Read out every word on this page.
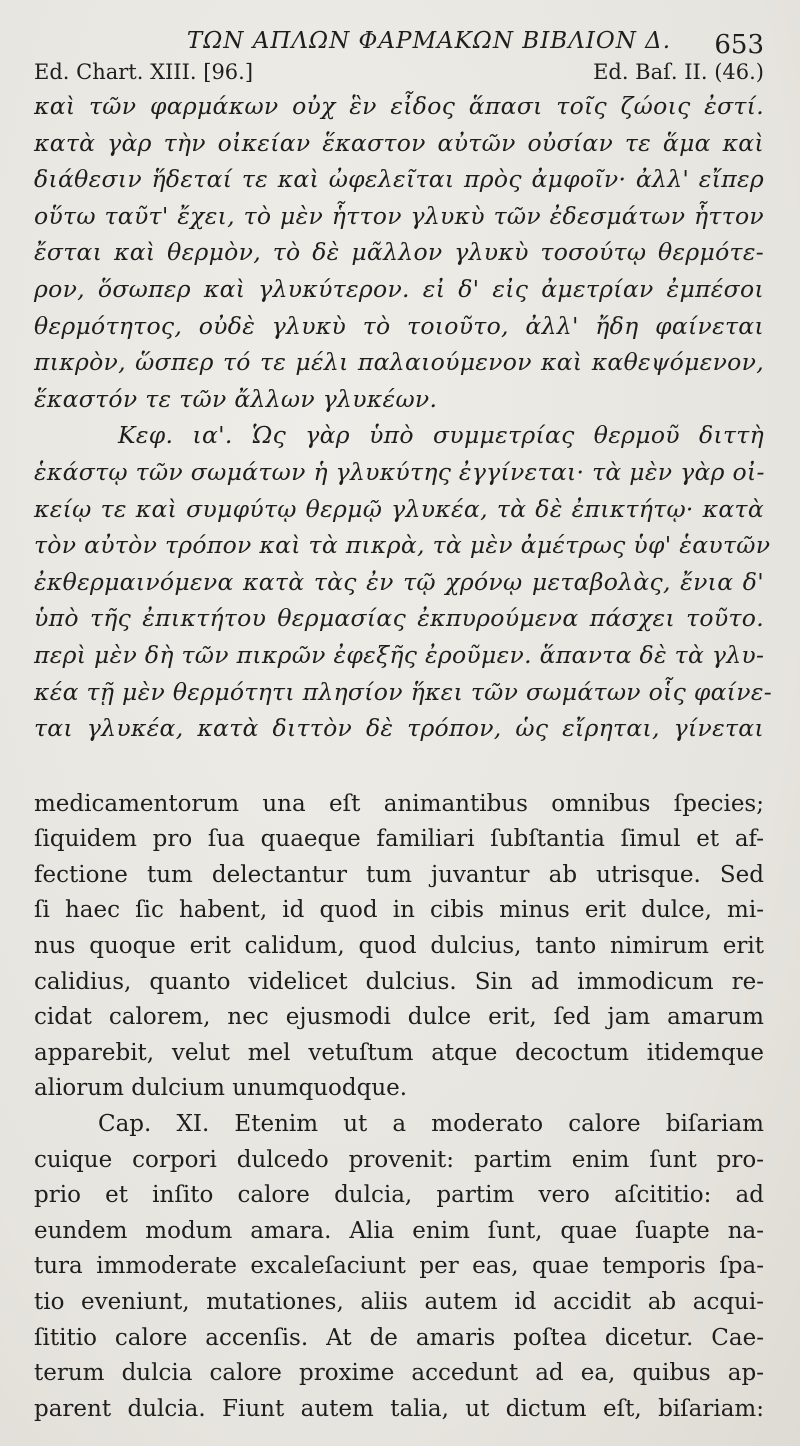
ΤΩΝ ΑΠΛΩΝ ΦΑΡΜΑΚΩΝ ΒΙΒΛΙΟΝ Δ. 653
Ed. Chart. XIII. [96.]	Ed. Baſ. II. (46.)
καὶ τῶν φαρμάκων οὐχ ἓν εἶδος ἅπασι τοῖς ζώοις ἐστί.
κατὰ γὰρ τὴν οἰκείαν ἕκαστον αὐτῶν οὐσίαν τε ἅμα καὶ
διάθεσιν ἥδεταί τε καὶ ὠφελεῖται πρὸς ἀμφοῖν· ἀλλ' εἴπερ
οὕτω ταῦτ' ἔχει, τὸ μὲν ἧττον γλυκὺ τῶν ἐδεσμάτων ἧττον
ἔσται καὶ θερμὸν, τὸ δὲ μᾶλλον γλυκὺ τοσούτῳ θερμότε-
ρον, ὅσωπερ καὶ γλυκύτερον. εἰ δ' εἰς ἀμετρίαν ἐμπέσοι
θερμότητος, οὐδὲ γλυκὺ τὸ τοιοῦτο, ἀλλ' ἤδη φαίνεται
πικρὸν, ὥσπερ τό τε μέλι παλαιούμενον καὶ καθεψόμενον,
ἕκαστόν τε τῶν ἄλλων γλυκέων.
Κεφ. ια'. Ὡς γὰρ ὑπὸ συμμετρίας θερμοῦ διττὴ
ἑκάστῳ τῶν σωμάτων ἡ γλυκύτης ἐγγίνεται· τὰ μὲν γὰρ οἰ-
κείῳ τε καὶ συμφύτῳ θερμῷ γλυκέα, τὰ δὲ ἐπικτήτῳ· κατὰ
τὸν αὐτὸν τρόπον καὶ τὰ πικρὰ, τὰ μὲν ἀμέτρως ὑφ' ἑαυτῶν
ἐκθερμαινόμενα κατὰ τὰς ἐν τῷ χρόνῳ μεταβολὰς, ἔνια δ'
ὑπὸ τῆς ἐπικτήτου θερμασίας ἐκπυρούμενα πάσχει τοῦτο.
περὶ μὲν δὴ τῶν πικρῶν ἐφεξῆς ἐροῦμεν. ἅπαντα δὲ τὰ γλυ-
κέα τῇ μὲν θερμότητι πλησίον ἥκει τῶν σωμάτων οἷς φαίνε-
ται γλυκέα, κατὰ διττὸν δὲ τρόπον, ὡς εἴρηται, γίνεται
medicamentorum una eſt animantibus omnibus ſpecies;
ſiquidem pro ſua quaeque familiari ſubſtantia ſimul et af-
fectione tum delectantur tum juvantur ab utrisque. Sed
ſi haec ſic habent, id quod in cibis minus erit dulce, mi-
nus quoque erit calidum, quod dulcius, tanto nimirum erit
calidius, quanto videlicet dulcius. Sin ad immodicum re-
cidat calorem, nec ejusmodi dulce erit, ſed jam amarum
apparebit, velut mel vetuſtum atque decoctum itidemque
aliorum dulcium unumquodque.
Cap. XI. Etenim ut a moderato calore biſariam
cuique corpori dulcedo provenit: partim enim ſunt pro-
prio et inſito calore dulcia, partim vero aſcititio: ad
eundem modum amara. Alia enim ſunt, quae ſuapte na-
tura immoderate excaleſaciunt per eas, quae temporis ſpa-
tio eveniunt, mutationes, aliis autem id accidit ab acqui-
ſititio calore accenſis. At de amaris poſtea dicetur. Cae-
terum dulcia calore proxime accedunt ad ea, quibus ap-
parent dulcia. Fiunt autem talia, ut dictum eſt, biſariam:
